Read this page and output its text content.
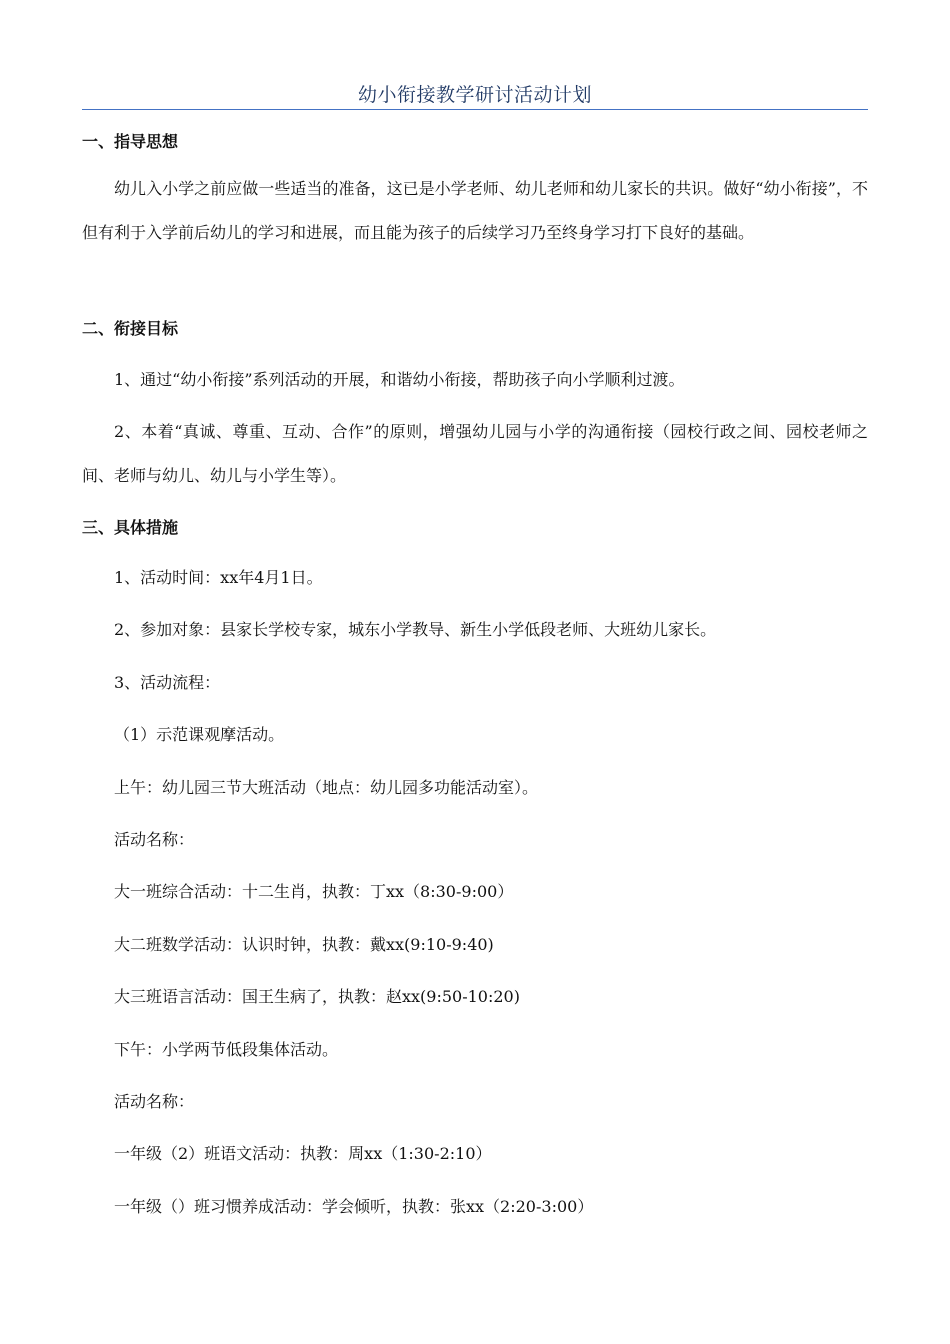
幼小衔接教学研讨活动计划
一、指导思想
幼儿入小学之前应做一些适当的准备，这已是小学老师、幼儿老师和幼儿家长的共识。做好“幼小衔接”，不但有利于入学前后幼儿的学习和进展，而且能为孩子的后续学习乃至终身学习打下良好的基础。
二、衔接目标
1、通过“幼小衔接”系列活动的开展，和谐幼小衔接，帮助孩子向小学顺利过渡。
2、本着“真诚、尊重、互动、合作”的原则，增强幼儿园与小学的沟通衔接（园校行政之间、园校老师之间、老师与幼儿、幼儿与小学生等）。
三、具体措施
1、活动时间：xx年4月1日。
2、参加对象：县家长学校专家，城东小学教导、新生小学低段老师、大班幼儿家长。
3、活动流程：
（1）示范课观摩活动。
上午：幼儿园三节大班活动（地点：幼儿园多功能活动室）。
活动名称：
大一班综合活动：十二生肖，执教：丁xx（8:30-9:00）
大二班数学活动：认识时钟，执教：戴xx(9:10-9:40)
大三班语言活动：国王生病了，执教：赵xx(9:50-10:20)
下午：小学两节低段集体活动。
活动名称：
一年级（2）班语文活动：执教：周xx（1:30-2:10）
一年级（）班习惯养成活动：学会倾听，执教：张xx（2:20-3:00）
